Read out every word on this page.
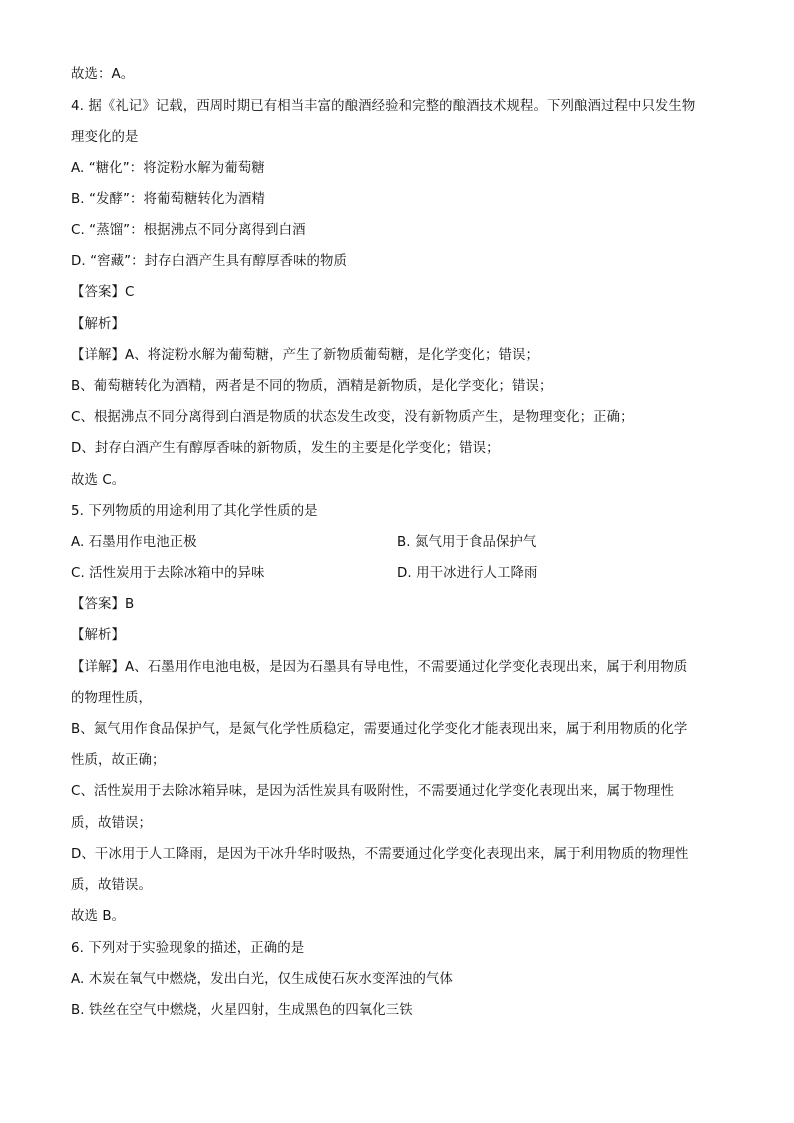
故选：A。
4. 据《礼记》记载，西周时期已有相当丰富的酿酒经验和完整的酿酒技术规程。下列酿酒过程中只发生物
理变化的是
A. “糖化”：将淀粉水解为葡萄糖
B. “发酵”：将葡萄糖转化为酒精
C. “蒸馏”：根据沸点不同分离得到白酒
D. “窖藏”：封存白酒产生具有醇厚香味的物质
【答案】C
【解析】
【详解】A、将淀粉水解为葡萄糖，产生了新物质葡萄糖，是化学变化；错误；
B、葡萄糖转化为酒精，两者是不同的物质，酒精是新物质，是化学变化；错误；
C、根据沸点不同分离得到白酒是物质的状态发生改变，没有新物质产生，是物理变化；正确；
D、封存白酒产生有醇厚香味的新物质，发生的主要是化学变化；错误；
故选 C。
5. 下列物质的用途利用了其化学性质的是
A. 石墨用作电池正极	B. 氮气用于食品保护气
C. 活性炭用于去除冰箱中的异味	D. 用干冰进行人工降雨
【答案】B
【解析】
【详解】A、石墨用作电池电极，是因为石墨具有导电性，不需要通过化学变化表现出来，属于利用物质
的物理性质，
B、氮气用作食品保护气，是氮气化学性质稳定，需要通过化学变化才能表现出来，属于利用物质的化学
性质，故正确；
C、活性炭用于去除冰箱异味，是因为活性炭具有吸附性，不需要通过化学变化表现出来，属于物理性
质，故错误；
D、干冰用于人工降雨，是因为干冰升华时吸热，不需要通过化学变化表现出来，属于利用物质的物理性
质，故错误。
故选 B。
6. 下列对于实验现象的描述，正确的是
A. 木炭在氧气中燃烧，发出白光，仅生成使石灰水变浑浊的气体
B. 铁丝在空气中燃烧，火星四射，生成黑色的四氧化三铁
